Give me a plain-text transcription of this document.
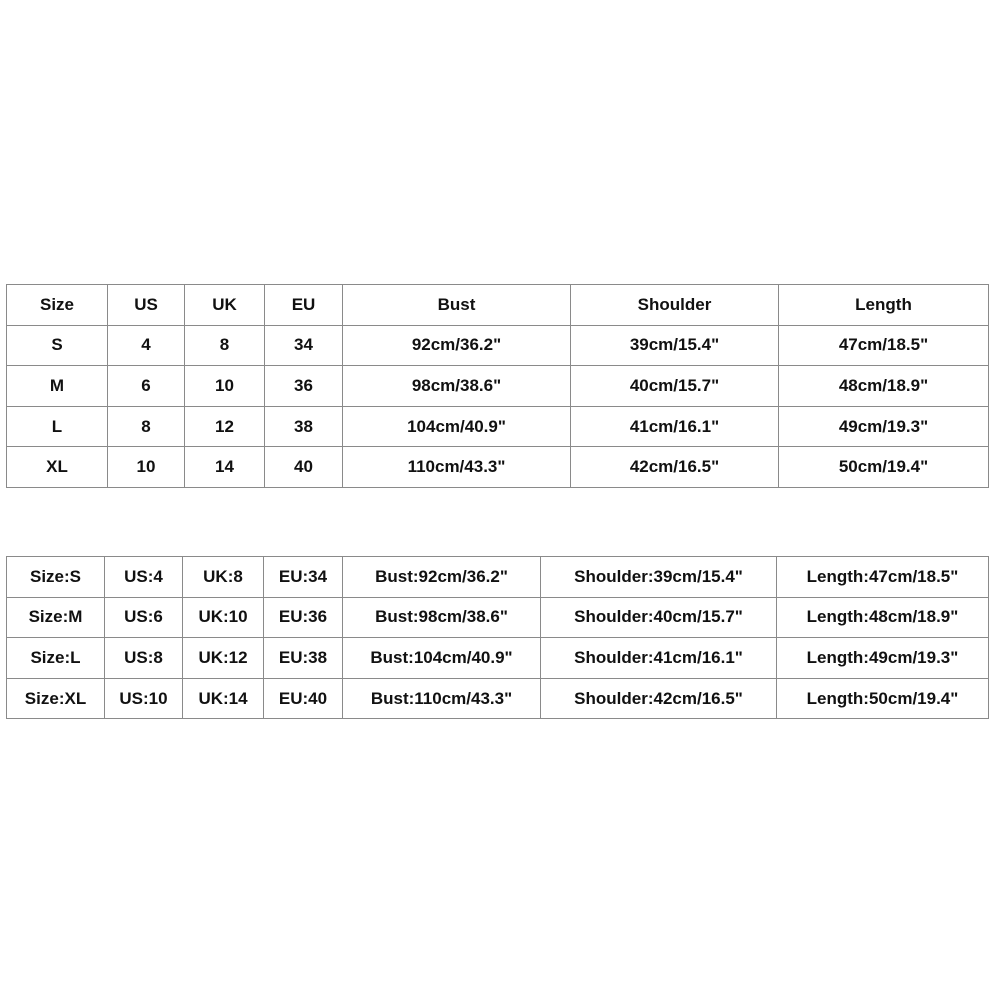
Size	US	UK	EU	Bust	Shoulder	Length
S	4	8	34	92cm/36.2"	39cm/15.4"	47cm/18.5"
M	6	10	36	98cm/38.6"	40cm/15.7"	48cm/18.9"
L	8	12	38	104cm/40.9"	41cm/16.1"	49cm/19.3"
XL	10	14	40	110cm/43.3"	42cm/16.5"	50cm/19.4"
Size:S	US:4	UK:8	EU:34	Bust:92cm/36.2"	Shoulder:39cm/15.4"	Length:47cm/18.5"
Size:M	US:6	UK:10	EU:36	Bust:98cm/38.6"	Shoulder:40cm/15.7"	Length:48cm/18.9"
Size:L	US:8	UK:12	EU:38	Bust:104cm/40.9"	Shoulder:41cm/16.1"	Length:49cm/19.3"
Size:XL	US:10	UK:14	EU:40	Bust:110cm/43.3"	Shoulder:42cm/16.5"	Length:50cm/19.4"
